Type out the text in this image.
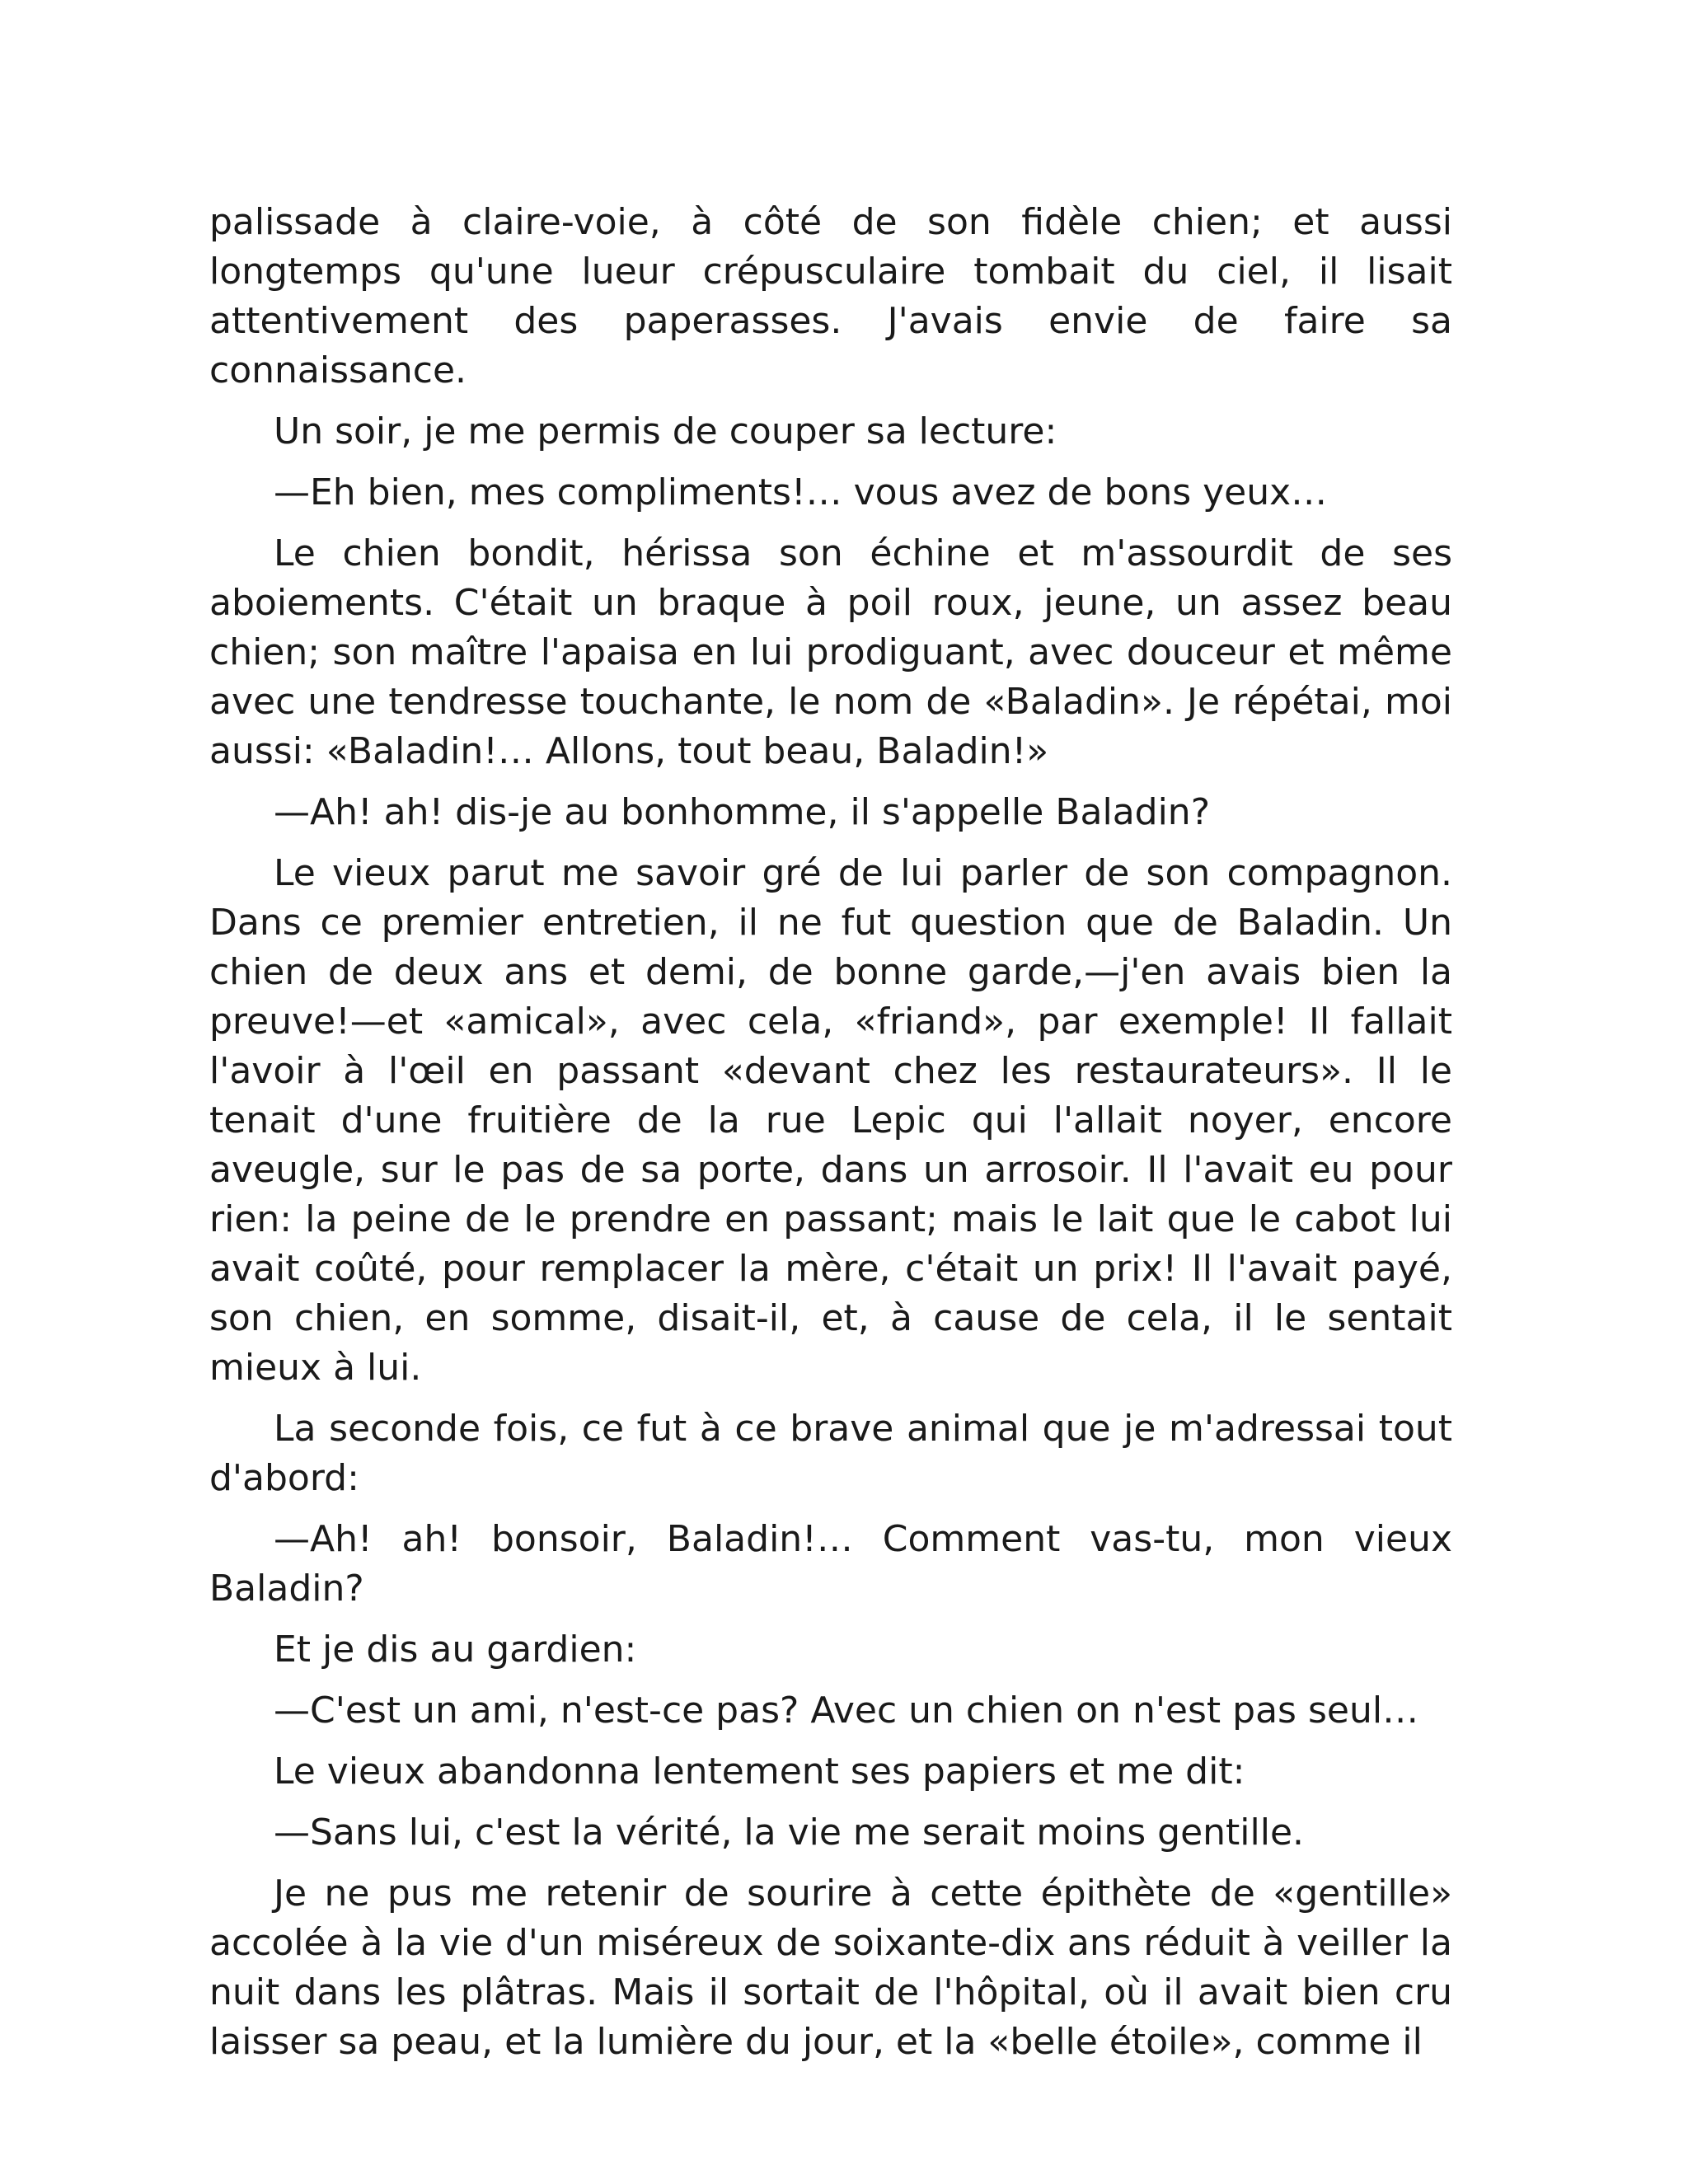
palissade à claire-voie, à côté de son fidèle chien; et aussi longtemps qu'une lueur crépusculaire tombait du ciel, il lisait attentivement des paperasses. J'avais envie de faire sa connaissance.

Un soir, je me permis de couper sa lecture:

—Eh bien, mes compliments!… vous avez de bons yeux…

Le chien bondit, hérissa son échine et m'assourdit de ses aboiements. C'était un braque à poil roux, jeune, un assez beau chien; son maître l'apaisa en lui prodiguant, avec douceur et même avec une tendresse touchante, le nom de «Baladin». Je répétai, moi aussi: «Baladin!… Allons, tout beau, Baladin!»

—Ah! ah! dis-je au bonhomme, il s'appelle Baladin?

Le vieux parut me savoir gré de lui parler de son compagnon. Dans ce premier entretien, il ne fut question que de Baladin. Un chien de deux ans et demi, de bonne garde,—j'en avais bien la preuve!—et «amical», avec cela, «friand», par exemple! Il fallait l'avoir à l'œil en passant «devant chez les restaurateurs». Il le tenait d'une fruitière de la rue Lepic qui l'allait noyer, encore aveugle, sur le pas de sa porte, dans un arrosoir. Il l'avait eu pour rien: la peine de le prendre en passant; mais le lait que le cabot lui avait coûté, pour remplacer la mère, c'était un prix! Il l'avait payé, son chien, en somme, disait-il, et, à cause de cela, il le sentait mieux à lui.

La seconde fois, ce fut à ce brave animal que je m'adressai tout d'abord:

—Ah! ah! bonsoir, Baladin!… Comment vas-tu, mon vieux Baladin?

Et je dis au gardien:

—C'est un ami, n'est-ce pas? Avec un chien on n'est pas seul…

Le vieux abandonna lentement ses papiers et me dit:

—Sans lui, c'est la vérité, la vie me serait moins gentille.

Je ne pus me retenir de sourire à cette épithète de «gentille» accolée à la vie d'un miséreux de soixante-dix ans réduit à veiller la nuit dans les plâtras. Mais il sortait de l'hôpital, où il avait bien cru laisser sa peau, et la lumière du jour, et la «belle étoile», comme il
